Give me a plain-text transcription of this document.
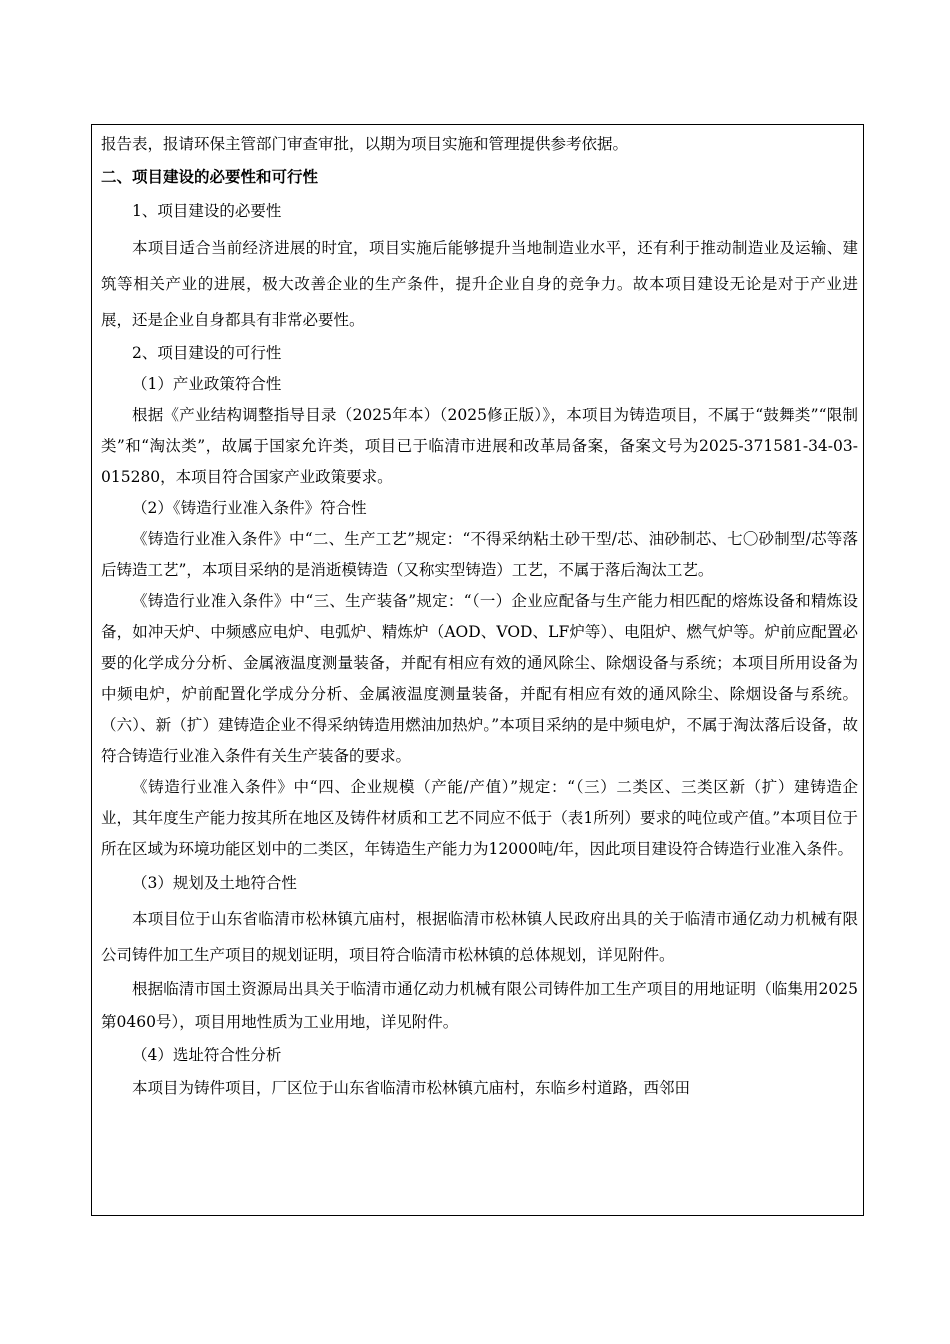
报告表，报请环保主管部门审查审批，以期为项目实施和管理提供参考依据。

二、项目建设的必要性和可行性

1、项目建设的必要性

本项目适合当前经济进展的时宜，项目实施后能够提升当地制造业水平，还有利于推动制造业及运输、建筑等相关产业的进展，极大改善企业的生产条件，提升企业自身的竞争力。故本项目建设无论是对于产业进展，还是企业自身都具有非常必要性。

2、项目建设的可行性

（1）产业政策符合性

根据《产业结构调整指导目录（2025年本）（2025修正版）》，本项目为铸造项目，不属于“鼓舞类”“限制类”和“淘汰类”，故属于国家允许类，项目已于临清市进展和改革局备案，备案文号为2025-371581-34-03-015280，本项目符合国家产业政策要求。

（2）《铸造行业准入条件》符合性

《铸造行业准入条件》中“二、生产工艺”规定：“不得采纳粘土砂干型/芯、油砂制芯、七〇砂制型/芯等落后铸造工艺”，本项目采纳的是消逝模铸造（又称实型铸造）工艺，不属于落后淘汰工艺。

《铸造行业准入条件》中“三、生产装备”规定：“（一）企业应配备与生产能力相匹配的熔炼设备和精炼设备，如冲天炉、中频感应电炉、电弧炉、精炼炉（AOD、VOD、LF炉等）、电阻炉、燃气炉等。炉前应配置必要的化学成分分析、金属液温度测量装备，并配有相应有效的通风除尘、除烟设备与系统；本项目所用设备为中频电炉，炉前配置化学成分分析、金属液温度测量装备，并配有相应有效的通风除尘、除烟设备与系统。（六）、新（扩）建铸造企业不得采纳铸造用燃油加热炉。”本项目采纳的是中频电炉，不属于淘汰落后设备，故符合铸造行业准入条件有关生产装备的要求。

《铸造行业准入条件》中“四、企业规模（产能/产值）”规定：“（三）二类区、三类区新（扩）建铸造企业，其年度生产能力按其所在地区及铸件材质和工艺不同应不低于（表1所列）要求的吨位或产值。”本项目位于所在区域为环境功能区划中的二类区，年铸造生产能力为12000吨/年，因此项目建设符合铸造行业准入条件。

（3）规划及土地符合性

本项目位于山东省临清市松林镇亢庙村，根据临清市松林镇人民政府出具的关于临清市通亿动力机械有限公司铸件加工生产项目的规划证明，项目符合临清市松林镇的总体规划，详见附件。

根据临清市国土资源局出具关于临清市通亿动力机械有限公司铸件加工生产项目的用地证明（临集用2025第0460号），项目用地性质为工业用地，详见附件。

（4）选址符合性分析

本项目为铸件项目，厂区位于山东省临清市松林镇亢庙村，东临乡村道路，西邻田
